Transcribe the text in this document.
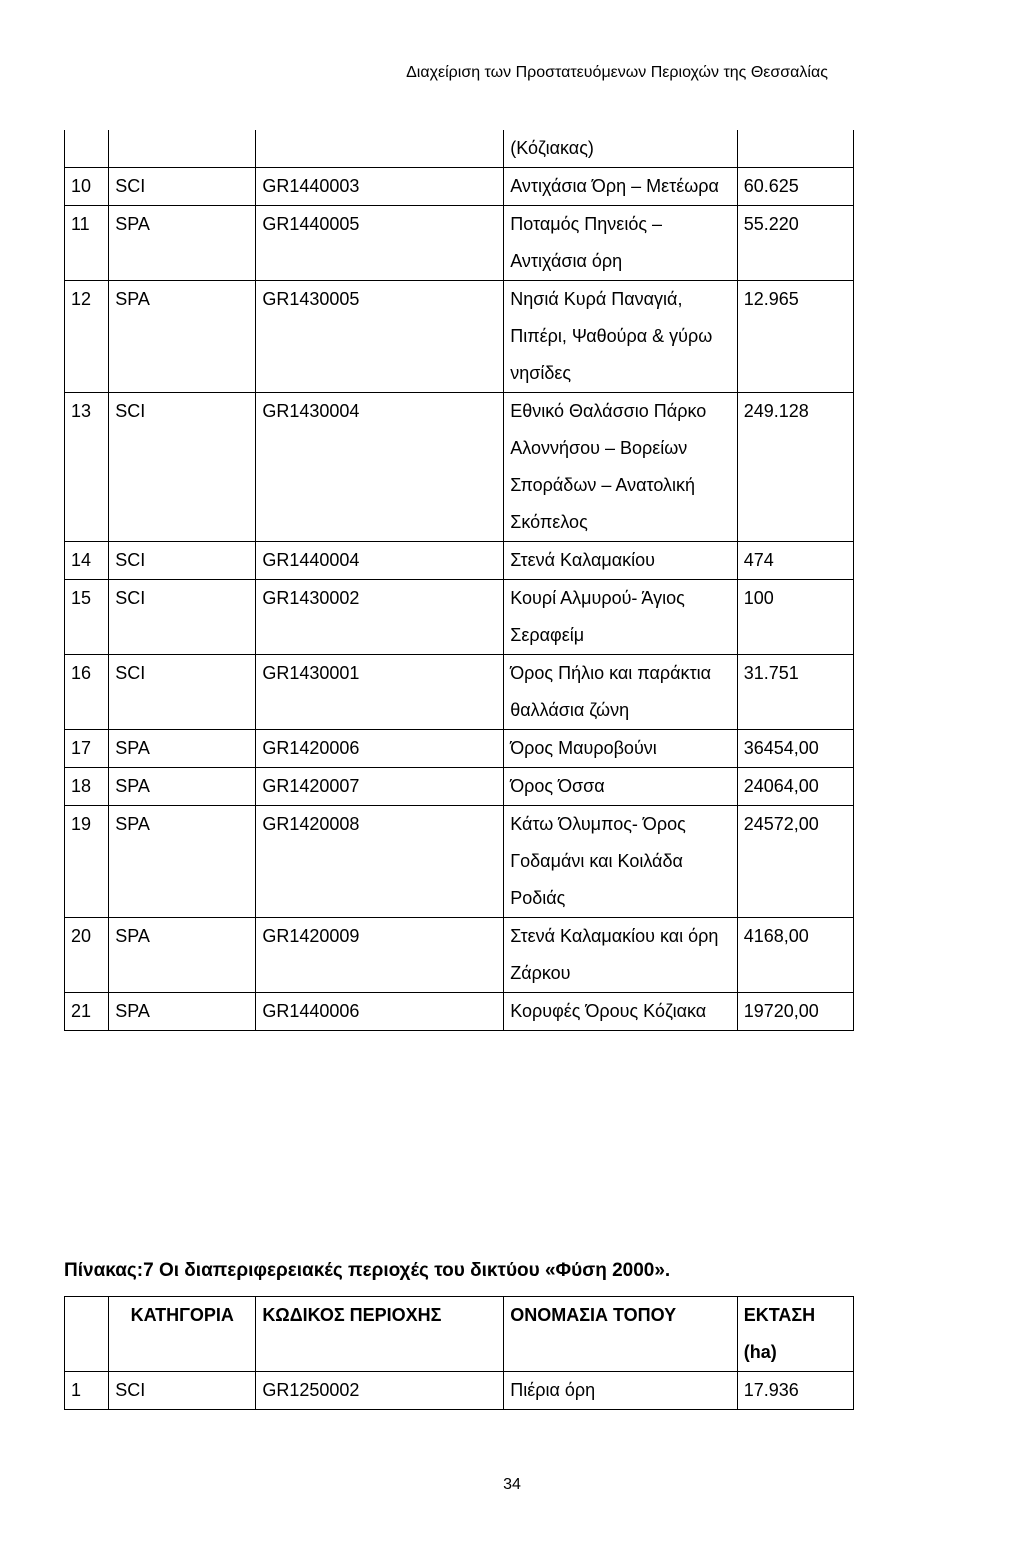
Διαχείριση των Προστατευόμενων Περιοχών της Θεσσαλίας
			(Κόζιακας)	
10	SCI	GR1440003	Αντιχάσια Όρη – Μετέωρα	60.625
11	SPA	GR1440005	Ποταμός Πηνειός – Αντιχάσια όρη	55.220
12	SPA	GR1430005	Νησιά Κυρά Παναγιά, Πιπέρι, Ψαθούρα & γύρω νησίδες	12.965
13	SCI	GR1430004	Εθνικό Θαλάσσιο Πάρκο Αλοννήσου – Βορείων Σποράδων – Ανατολική Σκόπελος	249.128
14	SCI	GR1440004	Στενά Καλαμακίου	474
15	SCI	GR1430002	Κουρί Αλμυρού- Άγιος Σεραφείμ	100
16	SCI	GR1430001	Όρος Πήλιο και παράκτια θαλλάσια ζώνη	31.751
17	SPA	GR1420006	Όρος Μαυροβούνι	36454,00
18	SPA	GR1420007	Όρος Όσσα	24064,00
19	SPA	GR1420008	Κάτω Όλυμπος- Όρος Γοδαμάνι και Κοιλάδα Ροδιάς	24572,00
20	SPA	GR1420009	Στενά Καλαμακίου και όρη Ζάρκου	4168,00
21	SPA	GR1440006	Κορυφές Όρους Κόζιακα	19720,00
Πίνακας:7 Οι διαπεριφερειακές περιοχές του δικτύου «Φύση 2000».
	ΚΑΤΗΓΟΡΙΑ	ΚΩΔΙΚΟΣ ΠΕΡΙΟΧΗΣ	ΟΝΟΜΑΣΙΑ ΤΟΠΟΥ	ΕΚΤΑΣΗ (ha)
1	SCI	GR1250002	Πιέρια όρη	17.936
34
